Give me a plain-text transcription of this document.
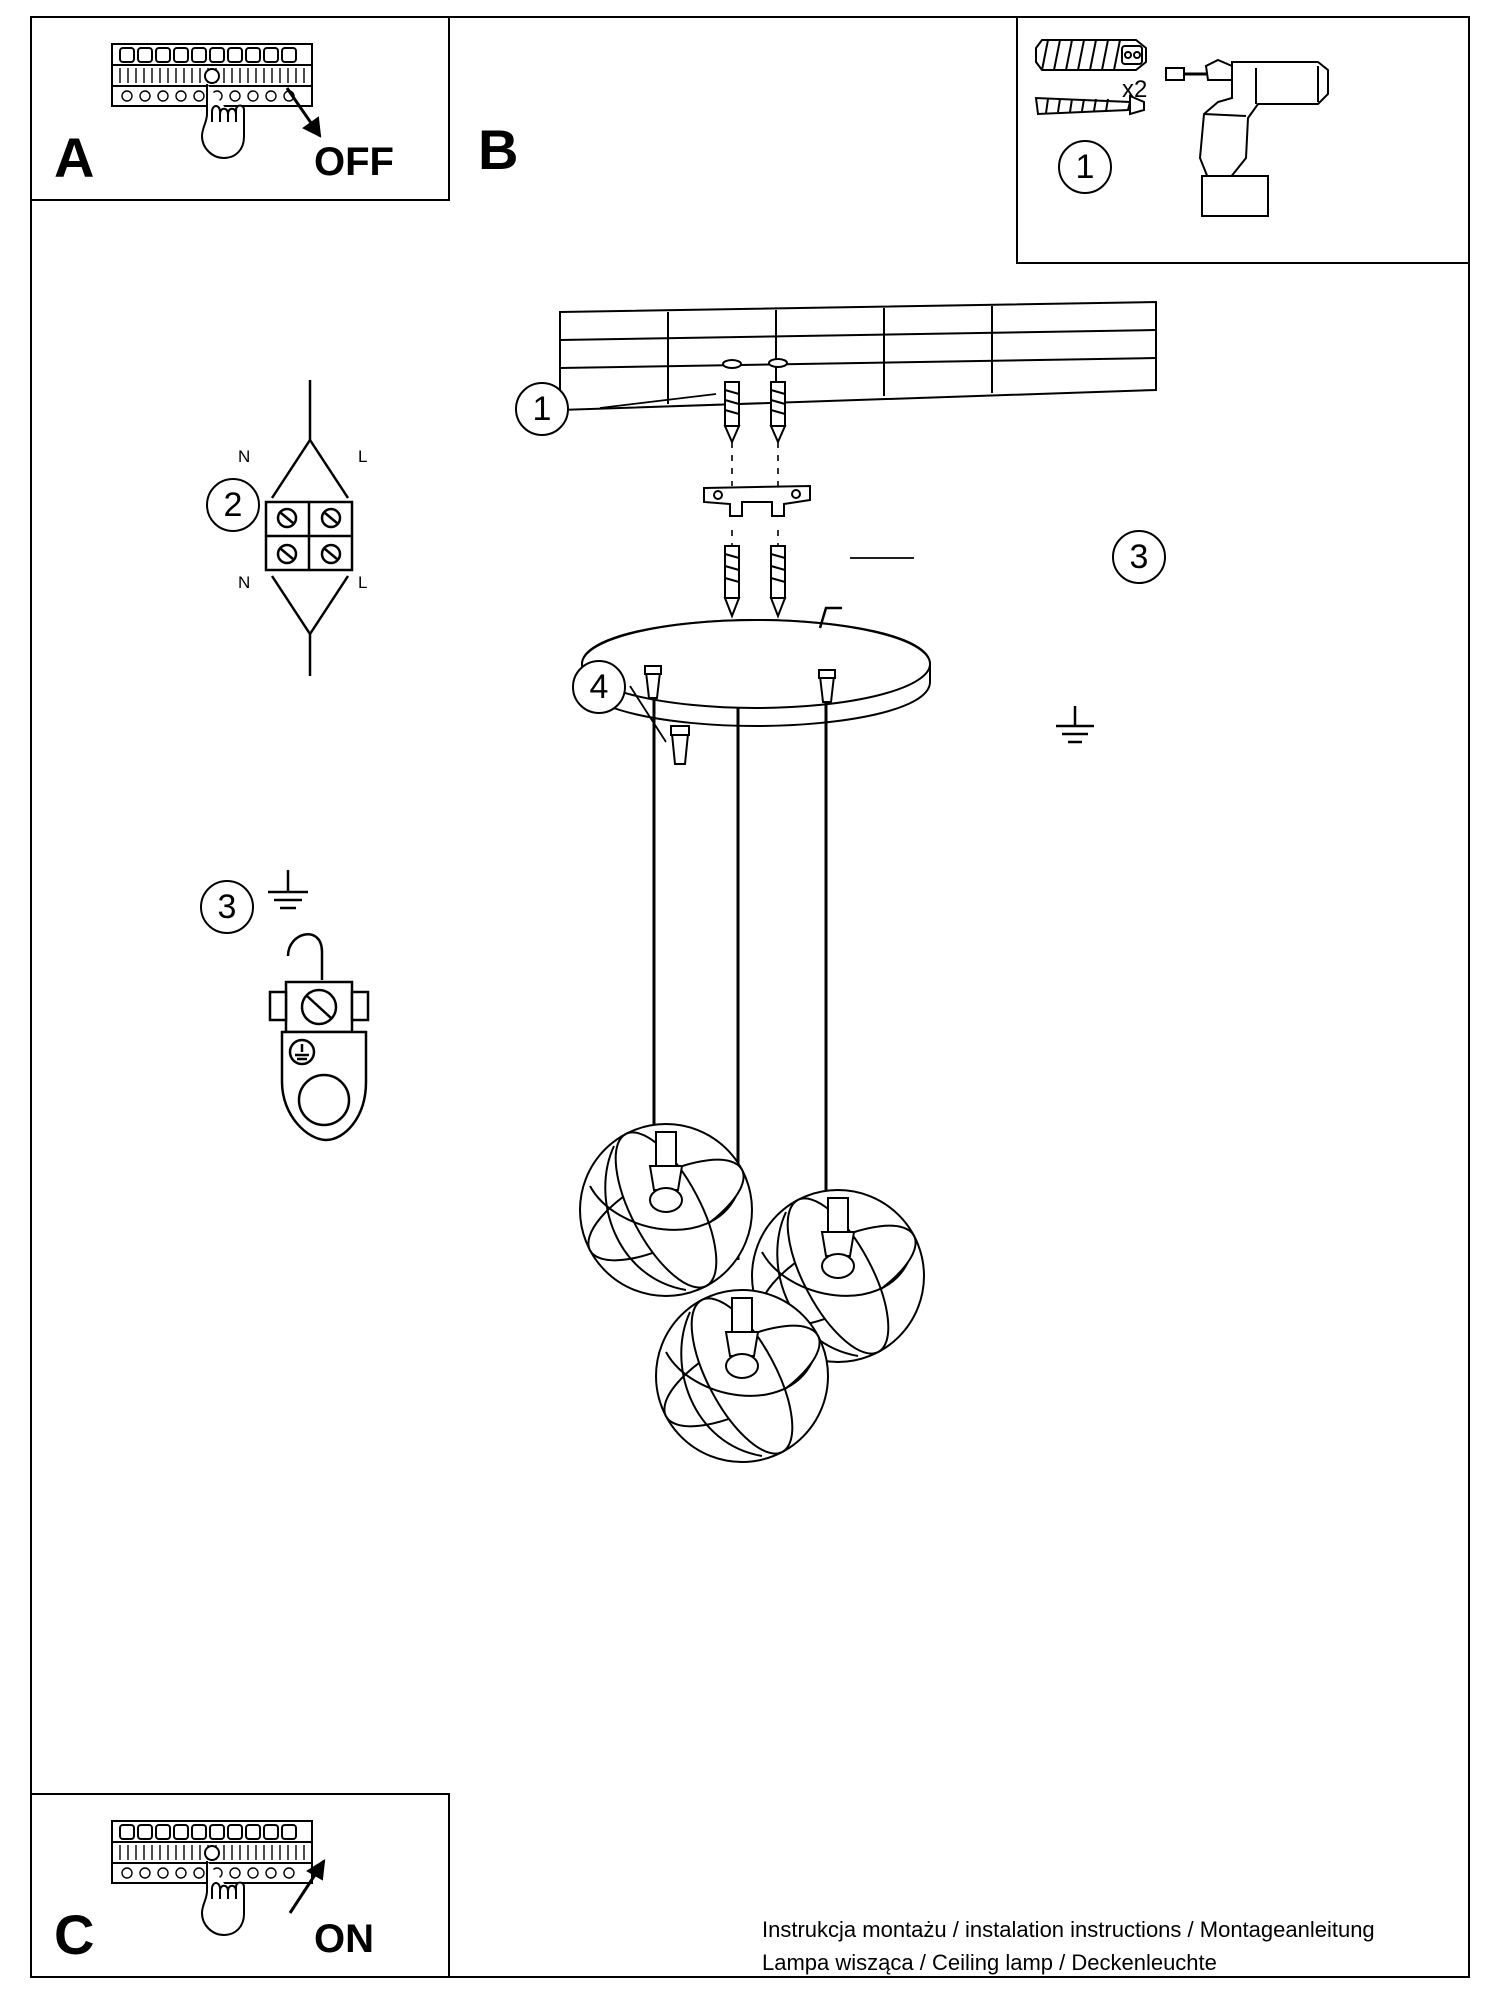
A	OFF B	1
x2
N	L
N	L
2
3
1
4
3
C	ON	Instrukcja montażu / instalation instructions / Montageanleitung
Lampa wisząca / Ceiling lamp / Deckenleuchte
